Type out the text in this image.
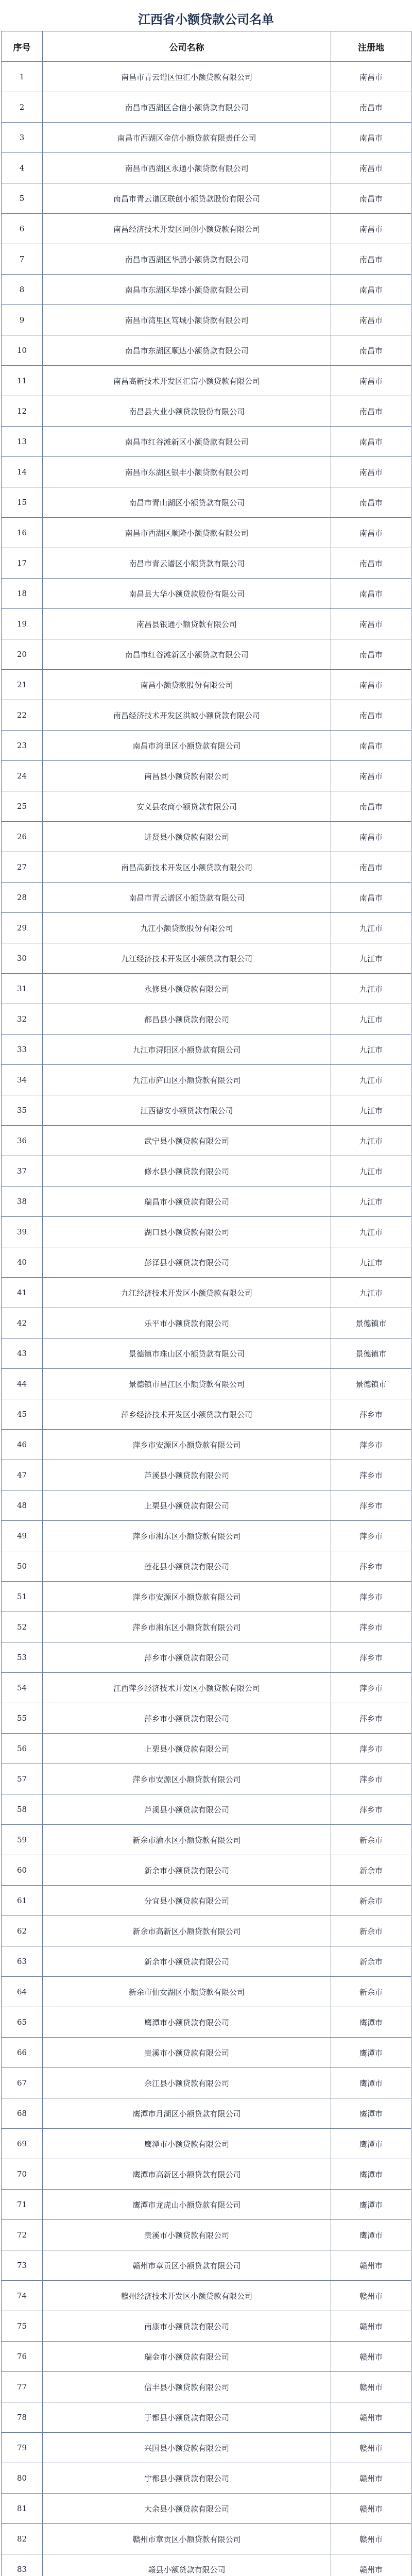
江西省小额贷款公司名单
序号	公司名称	注册地
1	南昌市青云谱区恒汇小额贷款有限公司	南昌市
2	南昌市西湖区合信小额贷款有限公司	南昌市
3	南昌市西湖区金信小额贷款有限责任公司	南昌市
4	南昌市西湖区永通小额贷款有限公司	南昌市
5	南昌市青云谱区联创小额贷款股份有限公司	南昌市
6	南昌经济技术开发区同创小额贷款有限公司	南昌市
7	南昌市西湖区华鹏小额贷款有限公司	南昌市
8	南昌市东湖区华盛小额贷款有限公司	南昌市
9	南昌市湾里区笃城小额贷款有限公司	南昌市
10	南昌市东湖区顺达小额贷款有限公司	南昌市
11	南昌高新技术开发区汇富小额贷款有限公司	南昌市
12	南昌县大业小额贷款股份有限公司	南昌市
13	南昌市红谷滩新区小额贷款有限公司	南昌市
14	南昌市东湖区银丰小额贷款有限公司	南昌市
15	南昌市青山湖区小额贷款有限公司	南昌市
16	南昌市西湖区顺隆小额贷款有限公司	南昌市
17	南昌市青云谱区小额贷款有限公司	南昌市
18	南昌县大华小额贷款股份有限公司	南昌市
19	南昌县银通小额贷款有限公司	南昌市
20	南昌市红谷滩新区小额贷款有限公司	南昌市
21	南昌小额贷款股份有限公司	南昌市
22	南昌经济技术开发区洪城小额贷款有限公司	南昌市
23	南昌市湾里区小额贷款有限公司	南昌市
24	南昌县小额贷款有限公司	南昌市
25	安义县农商小额贷款有限公司	南昌市
26	进贤县小额贷款有限公司	南昌市
27	南昌高新技术开发区小额贷款有限公司	南昌市
28	南昌市青云谱区小额贷款有限公司	南昌市
29	九江小额贷款股份有限公司	九江市
30	九江经济技术开发区小额贷款有限公司	九江市
31	永修县小额贷款有限公司	九江市
32	都昌县小额贷款有限公司	九江市
33	九江市浔阳区小额贷款有限公司	九江市
34	九江市庐山区小额贷款有限公司	九江市
35	江西德安小额贷款有限公司	九江市
36	武宁县小额贷款有限公司	九江市
37	修水县小额贷款有限公司	九江市
38	瑞昌市小额贷款有限公司	九江市
39	湖口县小额贷款有限公司	九江市
40	彭泽县小额贷款有限公司	九江市
41	九江经济技术开发区小额贷款有限公司	九江市
42	乐平市小额贷款有限公司	景德镇市
43	景德镇市珠山区小额贷款有限公司	景德镇市
44	景德镇市昌江区小额贷款有限公司	景德镇市
45	萍乡经济技术开发区小额贷款有限公司	萍乡市
46	萍乡市安源区小额贷款有限公司	萍乡市
47	芦溪县小额贷款有限公司	萍乡市
48	上栗县小额贷款有限公司	萍乡市
49	萍乡市湘东区小额贷款有限公司	萍乡市
50	莲花县小额贷款有限公司	萍乡市
51	萍乡市安源区小额贷款有限公司	萍乡市
52	萍乡市湘东区小额贷款有限公司	萍乡市
53	萍乡市小额贷款有限公司	萍乡市
54	江西萍乡经济技术开发区小额贷款有限公司	萍乡市
55	萍乡市小额贷款有限公司	萍乡市
56	上栗县小额贷款有限公司	萍乡市
57	萍乡市安源区小额贷款有限公司	萍乡市
58	芦溪县小额贷款有限公司	萍乡市
59	新余市渝水区小额贷款有限公司	新余市
60	新余市小额贷款有限公司	新余市
61	分宜县小额贷款有限公司	新余市
62	新余市高新区小额贷款有限公司	新余市
63	新余市小额贷款有限公司	新余市
64	新余市仙女湖区小额贷款有限公司	新余市
65	鹰潭市小额贷款有限公司	鹰潭市
66	贵溪市小额贷款有限公司	鹰潭市
67	余江县小额贷款有限公司	鹰潭市
68	鹰潭市月湖区小额贷款有限公司	鹰潭市
69	鹰潭市小额贷款有限公司	鹰潭市
70	鹰潭市高新区小额贷款有限公司	鹰潭市
71	鹰潭市龙虎山小额贷款有限公司	鹰潭市
72	贵溪市小额贷款有限公司	鹰潭市
73	赣州市章贡区小额贷款有限公司	赣州市
74	赣州经济技术开发区小额贷款有限公司	赣州市
75	南康市小额贷款有限公司	赣州市
76	瑞金市小额贷款有限公司	赣州市
77	信丰县小额贷款有限公司	赣州市
78	于都县小额贷款有限公司	赣州市
79	兴国县小额贷款有限公司	赣州市
80	宁都县小额贷款有限公司	赣州市
81	大余县小额贷款有限公司	赣州市
82	赣州市章贡区小额贷款有限公司	赣州市
83	赣县小额贷款有限公司	赣州市
